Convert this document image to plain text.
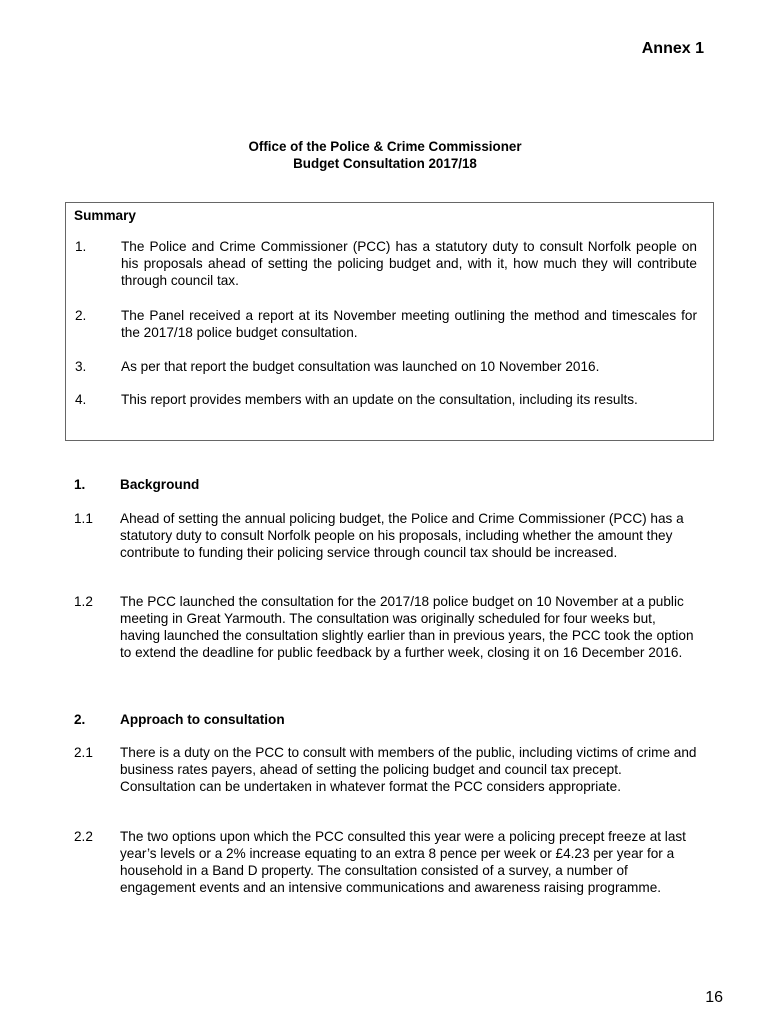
Annex 1
Office of the Police & Crime Commissioner
Budget Consultation 2017/18
Summary
1.	The Police and Crime Commissioner (PCC) has a statutory duty to consult Norfolk people on his proposals ahead of setting the policing budget and, with it, how much they will contribute through council tax.
2.	The Panel received a report at its November meeting outlining the method and timescales for the 2017/18 police budget consultation.
3.	As per that report the budget consultation was launched on 10 November 2016.
4.	This report provides members with an update on the consultation, including its results.
1.	Background
1.1 Ahead of setting the annual policing budget, the Police and Crime Commissioner (PCC) has a statutory duty to consult Norfolk people on his proposals, including whether the amount they contribute to funding their policing service through council tax should be increased.
1.2 The PCC launched the consultation for the 2017/18 police budget on 10 November at a public meeting in Great Yarmouth. The consultation was originally scheduled for four weeks but, having launched the consultation slightly earlier than in previous years, the PCC took the option to extend the deadline for public feedback by a further week, closing it on 16 December 2016.
2.	Approach to consultation
2.1 There is a duty on the PCC to consult with members of the public, including victims of crime and business rates payers, ahead of setting the policing budget and council tax precept. Consultation can be undertaken in whatever format the PCC considers appropriate.
2.2 The two options upon which the PCC consulted this year were a policing precept freeze at last year’s levels or a 2% increase equating to an extra 8 pence per week or £4.23 per year for a household in a Band D property. The consultation consisted of a survey, a number of engagement events and an intensive communications and awareness raising programme.
16
